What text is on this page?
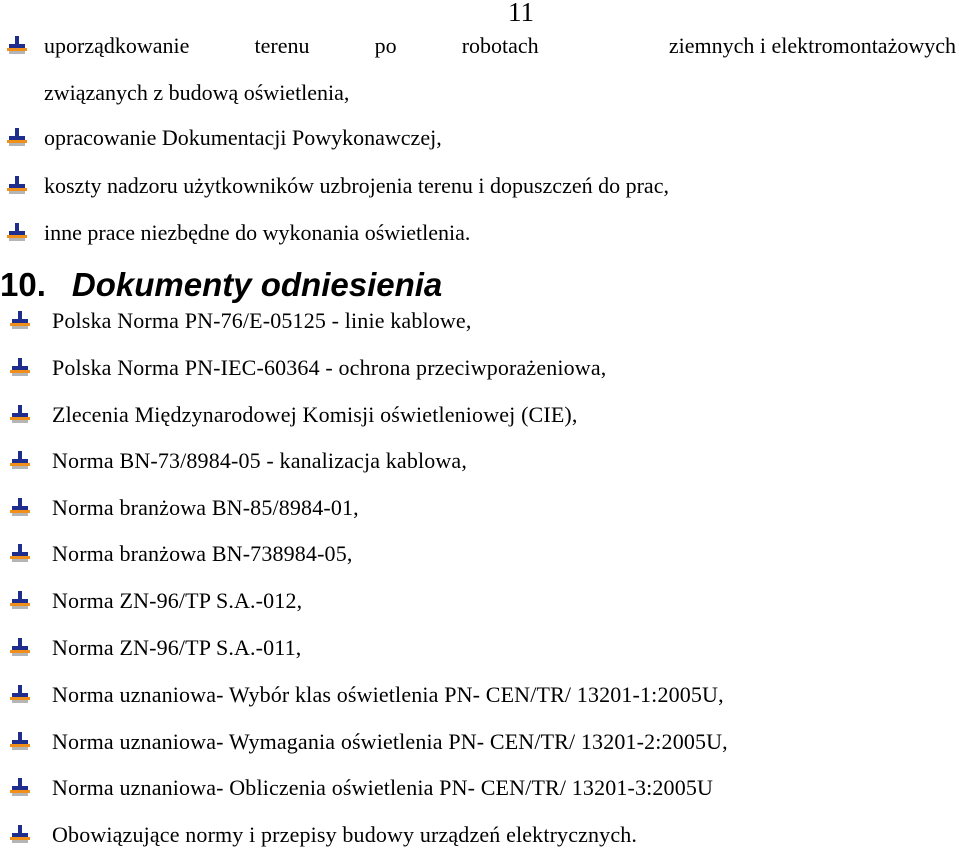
11
uporządkowanie	terenu	po	robotach	ziemnych i elektromontażowych
związanych z budową oświetlenia,
opracowanie Dokumentacji Powykonawczej,
koszty nadzoru użytkowników uzbrojenia terenu i dopuszczeń do prac,
inne prace niezbędne do wykonania oświetlenia.
10. Dokumenty odniesienia
Polska Norma PN-76/E-05125 - linie kablowe,
Polska Norma PN-IEC-60364 - ochrona przeciwporażeniowa,
Zlecenia Międzynarodowej Komisji oświetleniowej (CIE),
Norma BN-73/8984-05 - kanalizacja kablowa,
Norma branżowa BN-85/8984-01,
Norma branżowa BN-738984-05,
Norma ZN-96/TP S.A.-012,
Norma ZN-96/TP S.A.-011,
Norma uznaniowa- Wybór klas oświetlenia PN- CEN/TR/ 13201-1:2005U,
Norma uznaniowa- Wymagania oświetlenia PN- CEN/TR/ 13201-2:2005U,
Norma uznaniowa- Obliczenia oświetlenia PN- CEN/TR/ 13201-3:2005U
Obowiązujące normy i przepisy budowy urządzeń elektrycznych.
